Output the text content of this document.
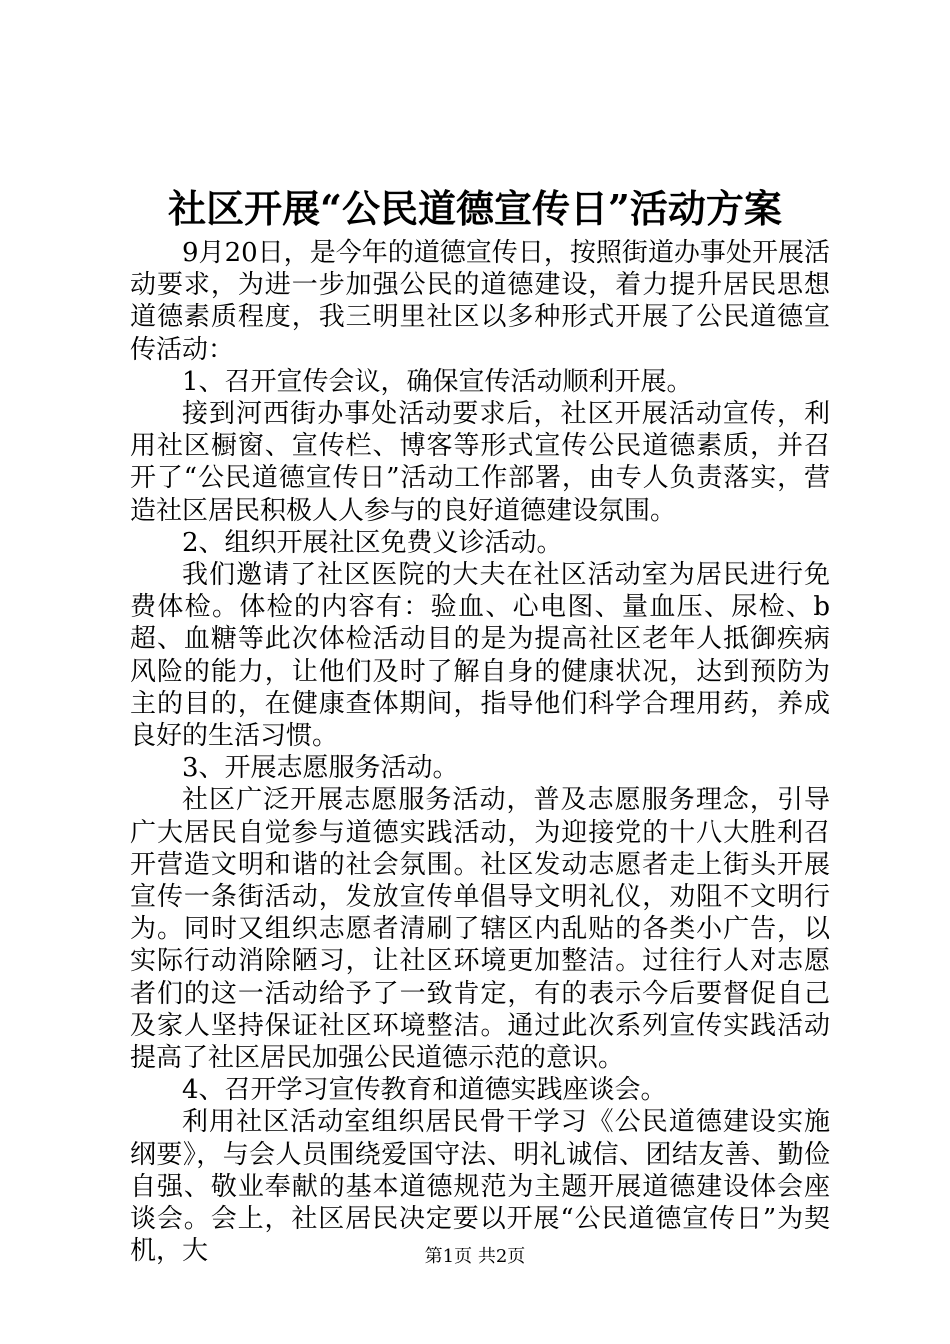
社区开展“公民道德宣传日”活动方案

9月20日，是今年的道德宣传日，按照街道办事处开展活动要求，为进一步加强公民的道德建设，着力提升居民思想道德素质程度，我三明里社区以多种形式开展了公民道德宣传活动：

1、召开宣传会议，确保宣传活动顺利开展。

接到河西街办事处活动要求后，社区开展活动宣传，利用社区橱窗、宣传栏、博客等形式宣传公民道德素质，并召开了“公民道德宣传日”活动工作部署，由专人负责落实，营造社区居民积极人人参与的良好道德建设氛围。

2、组织开展社区免费义诊活动。

我们邀请了社区医院的大夫在社区活动室为居民进行免费体检。体检的内容有：验血、心电图、量血压、尿检、b超、血糖等此次体检活动目的是为提高社区老年人抵御疾病风险的能力，让他们及时了解自身的健康状况，达到预防为主的目的，在健康查体期间，指导他们科学合理用药，养成良好的生活习惯。

3、开展志愿服务活动。

社区广泛开展志愿服务活动，普及志愿服务理念，引导广大居民自觉参与道德实践活动，为迎接党的十八大胜利召开营造文明和谐的社会氛围。社区发动志愿者走上街头开展宣传一条街活动，发放宣传单倡导文明礼仪，劝阻不文明行为。同时又组织志愿者清刷了辖区内乱贴的各类小广告，以实际行动消除陋习，让社区环境更加整洁。过往行人对志愿者们的这一活动给予了一致肯定，有的表示今后要督促自己及家人坚持保证社区环境整洁。通过此次系列宣传实践活动提高了社区居民加强公民道德示范的意识。

4、召开学习宣传教育和道德实践座谈会。

利用社区活动室组织居民骨干学习《公民道德建设实施纲要》，与会人员围绕爱国守法、明礼诚信、团结友善、勤俭自强、敬业奉献的基本道德规范为主题开展道德建设体会座谈会。会上，社区居民决定要以开展“公民道德宣传日”为契机，大	第1页 共2页
